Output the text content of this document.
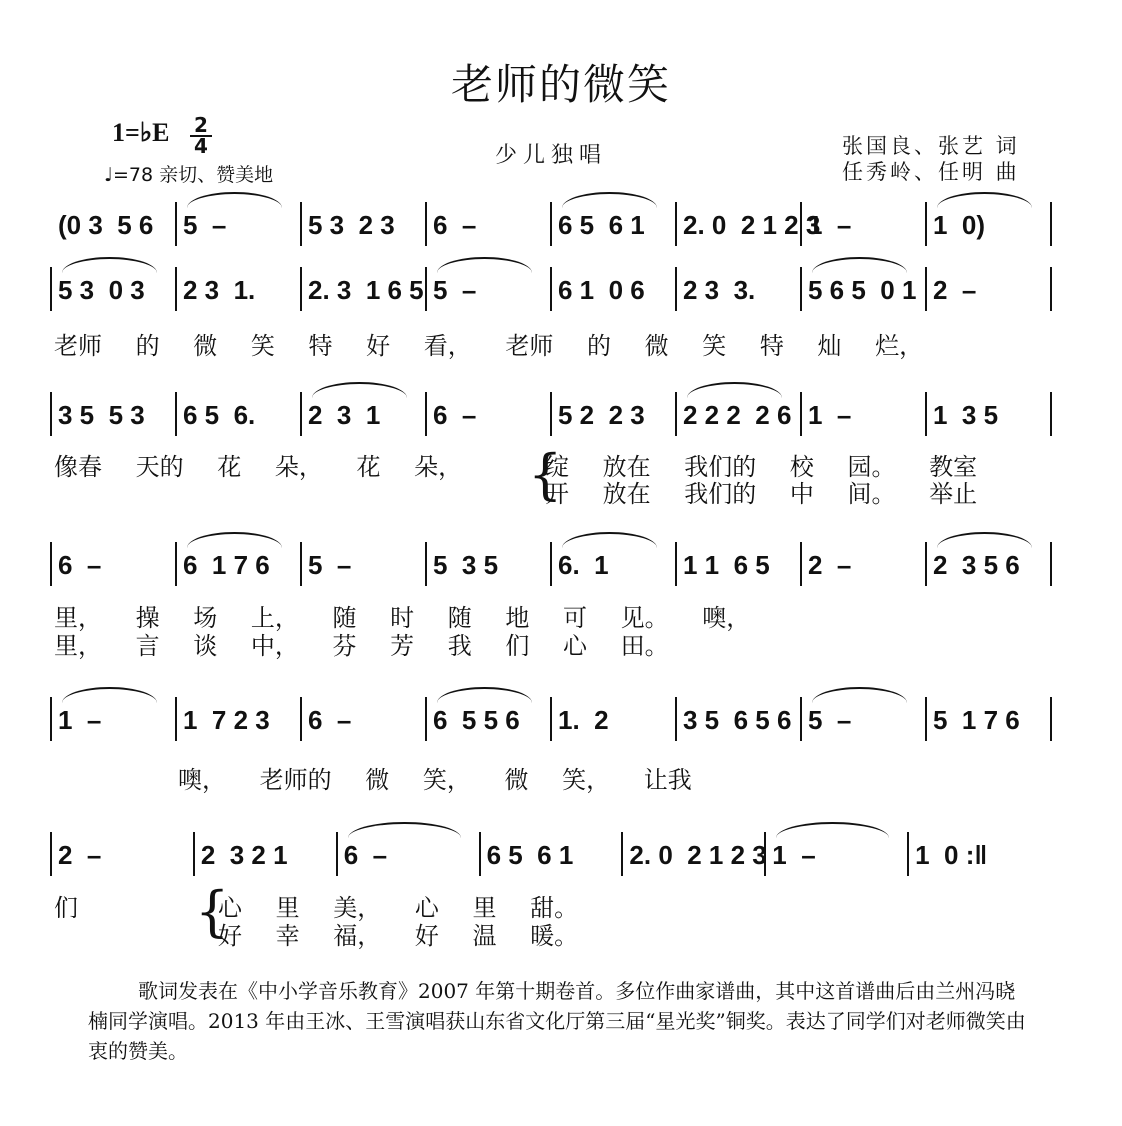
老师的微笑
1=♭E 2
4
♩=78 亲切、赞美地
少儿独唱	张国良、张艺 词
任秀岭、任明 曲
(0 3  5 6 5  –	5 3  2 3 6  –	6 5  6 1 2. 0  2 1 2 3
1  –	1  0)
5 3  0 3 2 3  1. 2. 3  1 6 5 5  –	6 1  0 6 2 3  3. 5 6 5  0 1 2  –
老师 的 微 笑 特 好 看， 老师 的 微 笑 特 灿 烂，
3 5  5 3 6 5  6. 2  3  1 6  –	5 2  2 3 2 2 2  2 6 1  –	1  3 5
像春 天的 花 朵， 花 朵，	绽 放在 我们的 校 园。 教室
开 放在 我们的 中 间。 举止
6  –	6  1 7 6 5  –	5  3 5 6.  1	1 1  6 5 2  –	2  3 5 6
里， 操 场 上， 随 时 随 地 可 见。 噢，
里， 言 谈 中， 芬 芳 我 们 心 田。
1  –	1  7 2 3 6  –	6  5 5 6 1.  2	3 5  6 5 6 5  –	5  1 7 6
噢， 老师的 微 笑， 微 笑， 让我
2  –	2  3 2 1 6  –	6 5  6 1 2. 0  2 1 2 3 1  –	1  0 :‖
们	心 里 美， 心 里 甜。
好 幸 福， 好 温 暖。
{
{
歌词发表在《中小学音乐教育》2007 年第十期卷首。多位作曲家谱曲，其中这首谱曲后由兰州冯晓楠同学演唱。2013 年由王冰、王雪演唱获山东省文化厅第三届“星光奖”铜奖。表达了同学们对老师微笑由衷的赞美。
